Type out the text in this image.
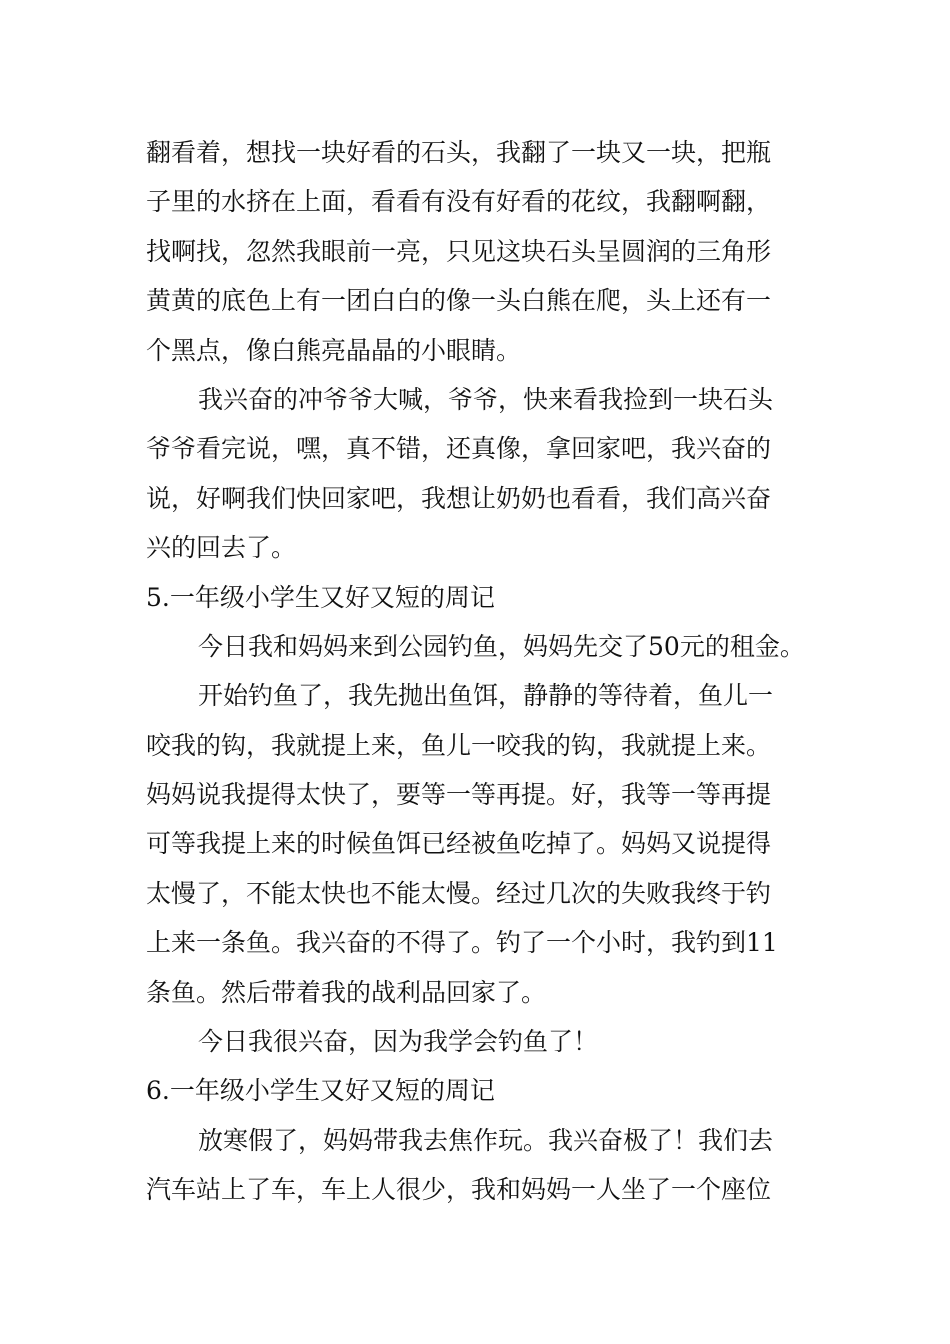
翻看着，想找一块好看的石头，我翻了一块又一块，把瓶
子里的水挤在上面，看看有没有好看的花纹，我翻啊翻，
找啊找，忽然我眼前一亮，只见这块石头呈圆润的三角形
黄黄的底色上有一团白白的像一头白熊在爬，头上还有一
个黑点，像白熊亮晶晶的小眼睛。
我兴奋的冲爷爷大喊，爷爷，快来看我捡到一块石头
爷爷看完说，嘿，真不错，还真像，拿回家吧，我兴奋的
说，好啊我们快回家吧，我想让奶奶也看看，我们高兴奋
兴的回去了。
5.一年级小学生又好又短的周记
今日我和妈妈来到公园钓鱼，妈妈先交了50元的租金。
开始钓鱼了，我先抛出鱼饵，静静的等待着，鱼儿一
咬我的钩，我就提上来，鱼儿一咬我的钩，我就提上来。
妈妈说我提得太快了，要等一等再提。好，我等一等再提
可等我提上来的时候鱼饵已经被鱼吃掉了。妈妈又说提得
太慢了，不能太快也不能太慢。经过几次的失败我终于钓
上来一条鱼。我兴奋的不得了。钓了一个小时，我钓到11
条鱼。然后带着我的战利品回家了。
今日我很兴奋，因为我学会钓鱼了！
6.一年级小学生又好又短的周记
放寒假了，妈妈带我去焦作玩。我兴奋极了！我们去
汽车站上了车，车上人很少，我和妈妈一人坐了一个座位
